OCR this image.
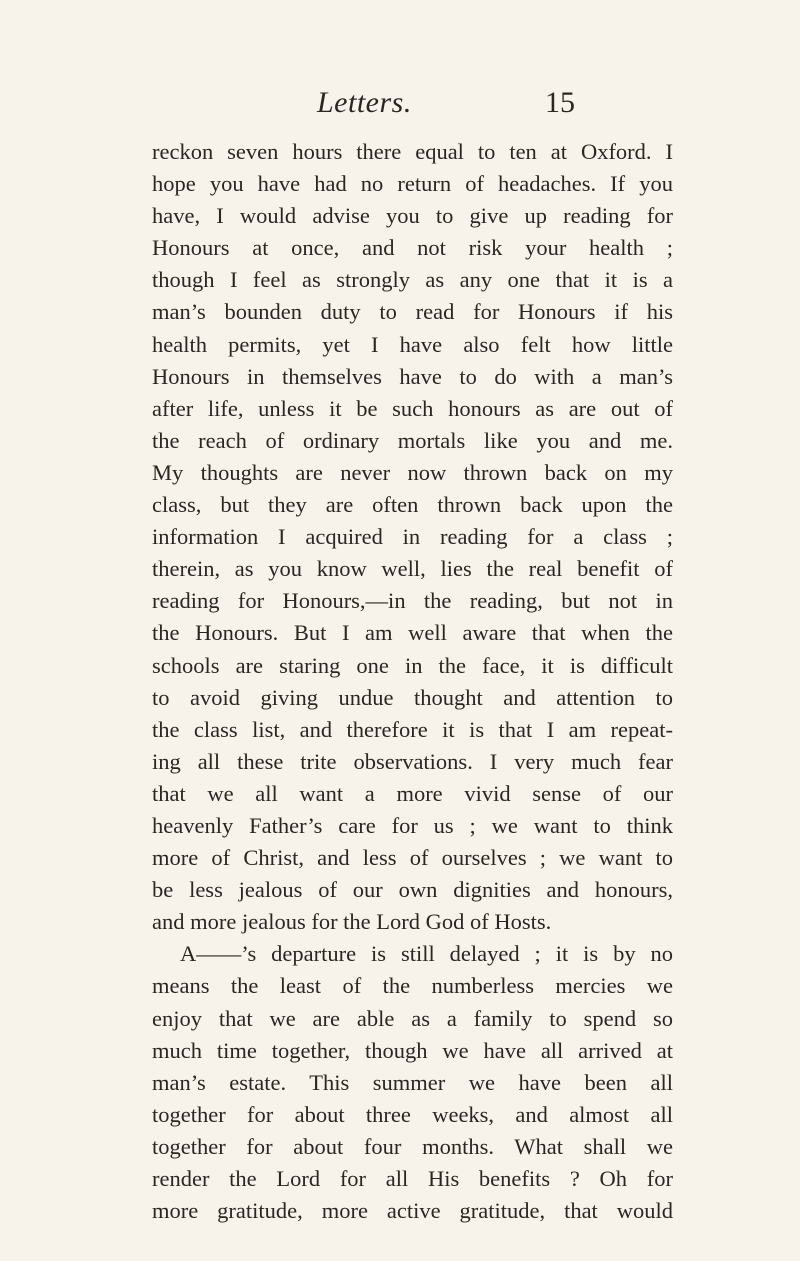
Letters.	15
reckon seven hours there equal to ten at Oxford. I
hope you have had no return of headaches. If you
have, I would advise you to give up reading for
Honours at once, and not risk your health ;
though I feel as strongly as any one that it is a
man’s bounden duty to read for Honours if his
health permits, yet I have also felt how little
Honours in themselves have to do with a man’s
after life, unless it be such honours as are out of
the reach of ordinary mortals like you and me.
My thoughts are never now thrown back on my
class, but they are often thrown back upon the
information I acquired in reading for a class ;
therein, as you know well, lies the real benefit of
reading for Honours,—in the reading, but not in
the Honours. But I am well aware that when the
schools are staring one in the face, it is difficult
to avoid giving undue thought and attention to
the class list, and therefore it is that I am repeat-
ing all these trite observations. I very much fear
that we all want a more vivid sense of our
heavenly Father’s care for us ; we want to think
more of Christ, and less of ourselves ; we want to
be less jealous of our own dignities and honours,
and more jealous for the Lord God of Hosts.
A——’s departure is still delayed ; it is by no
means the least of the numberless mercies we
enjoy that we are able as a family to spend so
much time together, though we have all arrived at
man’s estate. This summer we have been all
together for about three weeks, and almost all
together for about four months. What shall we
render the Lord for all His benefits ? Oh for
more gratitude, more active gratitude, that would
